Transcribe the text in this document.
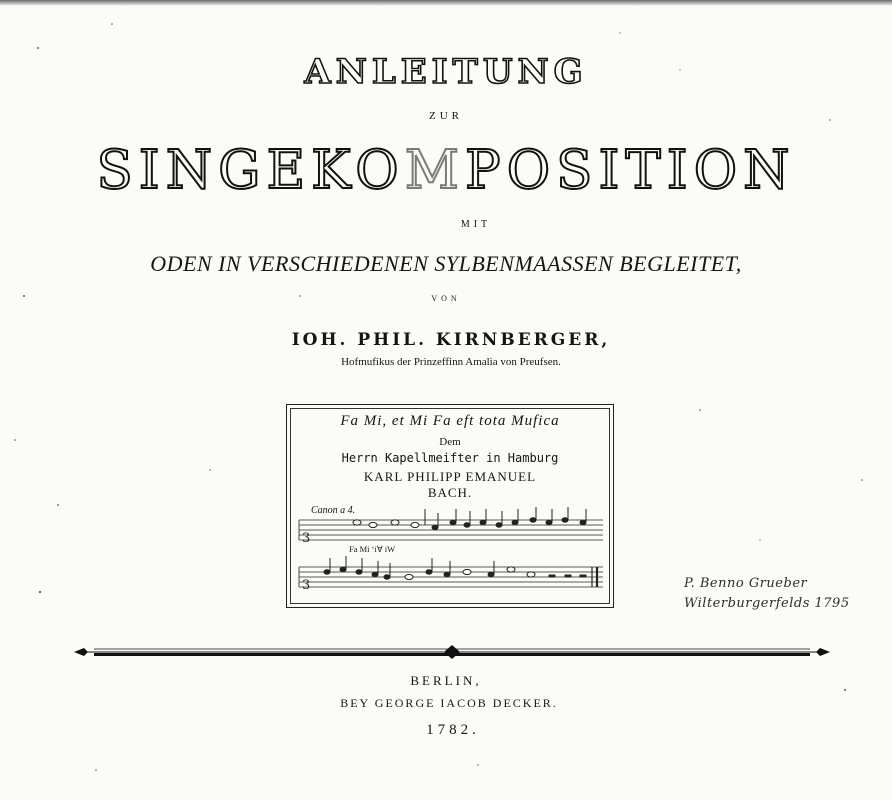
ANLEITUNG
ZUR
SINGEKOMPOSITION
MIT
ODEN IN VERSCHIEDENEN SYLBENMAASSEN BEGLEITET,
VON
IOH. PHIL. KIRNBERGER,
Hofmufikus der Prinzeffinn Amalia von Preufsen.
Fa Mi, et Mi Fa eft tota Mufica
Dem
Herrn Kapellmeifter in Hamburg
KARL PHILIPP EMANUEL
BACH.
Canon a 4.
Fa Mi ‘iⱯ iW
3
3	P. Benno Grueber
Wilterburgerfelds 1795
BERLIN,
BEY GEORGE IACOB DECKER.
1782.
